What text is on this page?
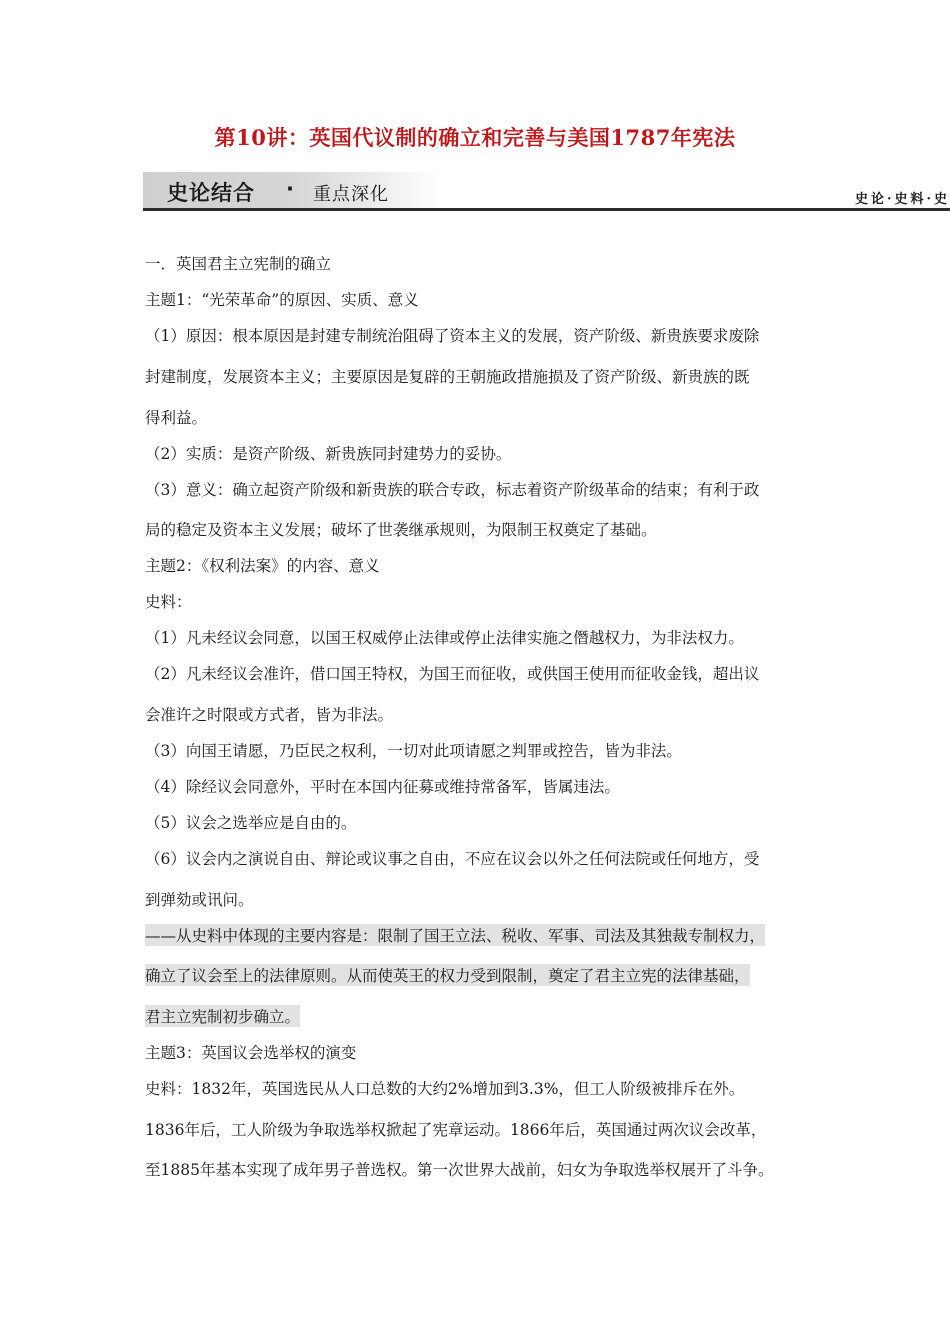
第10讲：英国代议制的确立和完善与美国1787年宪法
史论结合 · 重点深化	史论·史料·史
一．英国君主立宪制的确立
主题1：“光荣革命”的原因、实质、意义
（1）原因：根本原因是封建专制统治阻碍了资本主义的发展，资产阶级、新贵族要求废除
封建制度，发展资本主义；主要原因是复辟的王朝施政措施损及了资产阶级、新贵族的既
得利益。
（2）实质：是资产阶级、新贵族同封建势力的妥协。
（3）意义：确立起资产阶级和新贵族的联合专政，标志着资产阶级革命的结束；有利于政
局的稳定及资本主义发展；破坏了世袭继承规则，为限制王权奠定了基础。
主题2：《权利法案》的内容、意义
史料：
（1）凡未经议会同意，以国王权威停止法律或停止法律实施之僭越权力，为非法权力。
（2）凡未经议会准许，借口国王特权，为国王而征收，或供国王使用而征收金钱，超出议
会准许之时限或方式者，皆为非法。
（3）向国王请愿，乃臣民之权利，一切对此项请愿之判罪或控告，皆为非法。
（4）除经议会同意外，平时在本国内征募或维持常备军，皆属违法。
（5）议会之选举应是自由的。
（6）议会内之演说自由、辩论或议事之自由，不应在议会以外之任何法院或任何地方，受
到弹劾或讯问。
——从史料中体现的主要内容是：限制了国王立法、税收、军事、司法及其独裁专制权力，
确立了议会至上的法律原则。从而使英王的权力受到限制，奠定了君主立宪的法律基础，
君主立宪制初步确立。
主题3：英国议会选举权的演变
史料：1832年，英国选民从人口总数的大约2%增加到3.3%，但工人阶级被排斥在外。
1836年后，工人阶级为争取选举权掀起了宪章运动。1866年后，英国通过两次议会改革，
至1885年基本实现了成年男子普选权。第一次世界大战前，妇女为争取选举权展开了斗争。
